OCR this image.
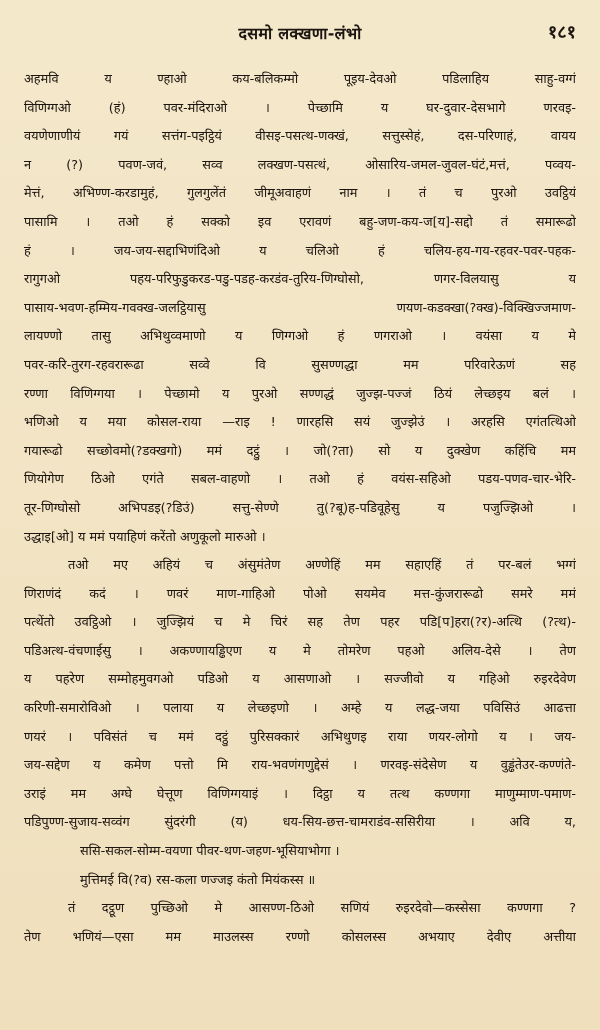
दसमो लक्खणा-लंभो	१८१
अहमवि य ण्हाओ कय-बलिकम्मो पूइय-देवओ पडिलाहिय साहु-वग्गं
विणिग्गओ (हं) पवर-मंदिराओ । पेच्छामि य घर-दुवार-देसभागे णरवइ-
वयणेणाणीयं गयं सत्तंग-पइट्ठियं वीसइ-पसत्थ-णक्खं, सत्तुस्सेहं, दस-परिणाहं, वायय
न (?) पवण-जवं, सव्व लक्खण-पसत्थं, ओसारिय-जमल-जुवल-घंटं,मत्तं, पव्वय-
मेत्तं, अभिण्ण-करडामुहं, गुलगुलेंतं जीमूअवाहणं नाम । तं च पुरओ उवट्ठियं
पासामि । तओ हं सक्को इव एरावणं बहु-जण-कय-ज[य]-सद्दो तं समारूढो
हं । जय-जय-सद्दाभिणंदिओ य चलिओ हं चलिय-हय-गय-रहवर-पवर-पहक-
रागुगओ पहय-परिफुडुकरड-पडु-पडह-करडंव-तुरिय-णिग्घोसो, णगर-विलयासु य
पासाय-भवण-हम्मिय-गवक्ख-जलट्ठियासु णयण-कडक्खा(?क्ख)-विक्खिज्जमाण-
लायण्णो तासु अभिथुव्वमाणो य णिग्गओ हं णगराओ । वयंसा य मे
पवर-करि-तुरग-रहवरारूढा सव्वे वि सुसण्णद्धा मम परिवारेऊणं सह
रण्णा विणिग्गया । पेच्छामो य पुरओ सण्णद्धं जुज्झ-पज्जं ठियं लेच्छइय बलं ।
भणिओ य मया कोसल-राया —राइ ! णारहसि सयं जुज्झेउं । अरहसि एगंतत्थिओ
गयारूढो सच्छोवमो(?डक्खगो) ममं दट्ठुं । जो(?ता) सो य दुक्खेण कहिंचि मम
णियोगेण ठिओ एगंते सबल-वाहणो । तओ हं वयंस-सहिओ पडय-पणव-चार-भेरि-
तूर-णिग्घोसो अभिपडइ(?डिउं) सत्तु-सेण्णे तु(?बू)ह-पडिवूहेसु य पजुज्झिओ ।
उद्धाइ[ओ] य ममं पयाहिणं करेंतो अणुकूलो मारुओ ।
तओ मए अहियं च अंसुमंतेण अण्णेहिं मम सहाएहिं तं पर-बलं भग्गं
णिराणंदं कदं । णवरं माण-गाहिओ पोओ सयमेव मत्त-कुंजरारूढो समरे ममं
पत्थेंतो उवट्ठिओ । जुज्झियं च मे चिरं सह तेण पहर पडि[प]हरा(?र)-अत्थि (?त्थ)-
पडिअत्थ-वंचणाईसु । अकण्णायड्ढिएण य मे तोमरेण पहओ अलिय-देसे । तेण
य पहरेण सम्मोहमुवगओ पडिओ य आसणाओ । सज्जीवो य गहिओ रुइरदेवेण
करिणी-समारोविओ । पलाया य लेच्छइणो । अम्हे य लद्ध-जया पविसिउं आढत्ता
णयरं । पविसंतं च ममं दट्ठुं पुरिसक्कारं अभिथुणइ राया णयर-लोगो य । जय-
जय-सद्देण य कमेण पत्तो मि राय-भवणंगणुद्देसं । णरवइ-संदेसेण य वुड्ढंतेउर-कण्णंते-
उराइं मम अग्घे घेत्तूण विणिग्गयाइं । दिट्ठा य तत्थ कण्णगा माणुम्माण-पमाण-
पडिपुण्ण-सुजाय-सव्वंग सुंदरंगी (य) धय-सिय-छत्त-चामराडंव-ससिरीया । अवि य,
ससि-सकल-सोम्म-वयणा पीवर-थण-जहण-भूसियाभोगा ।
मुत्तिमई वि(?व) रस-कला णज्जइ कंतो मियंकस्स ॥
तं दट्ठूण पुच्छिओ मे आसण्ण-ठिओ सणियं रुइरदेवो—कस्सेसा कण्णगा ?
तेण भणियं—एसा मम माउलस्स रण्णो कोसलस्स अभयाए देवीए अत्तीया
